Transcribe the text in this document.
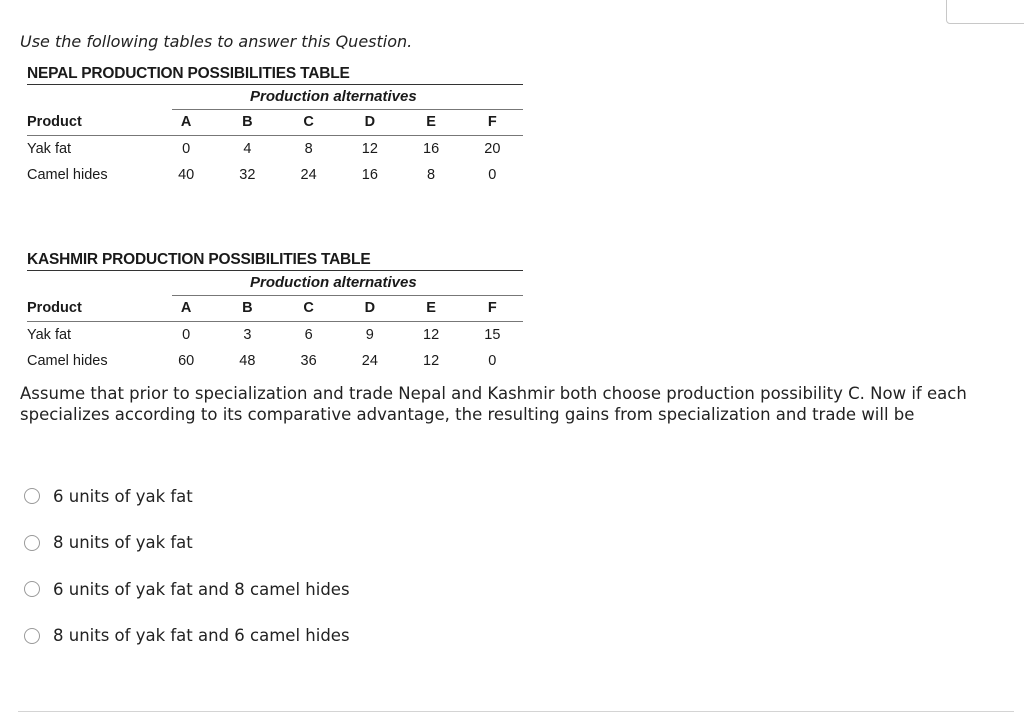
Use the following tables to answer this Question.
NEPAL PRODUCTION POSSIBILITIES TABLE
Production alternatives
Product	A	B	C	D	E	F
Yak fat	0	4	8	12	16	20
Camel hides	40	32	24	16	8	0
KASHMIR PRODUCTION POSSIBILITIES TABLE
Production alternatives
Product	A	B	C	D	E	F
Yak fat	0	3	6	9	12	15
Camel hides	60	48	36	24	12	0
Assume that prior to specialization and trade Nepal and Kashmir both choose production possibility C. Now if each specializes according to its comparative advantage, the resulting gains from specialization and trade will be
6 units of yak fat
8 units of yak fat
6 units of yak fat and 8 camel hides
8 units of yak fat and 6 camel hides
